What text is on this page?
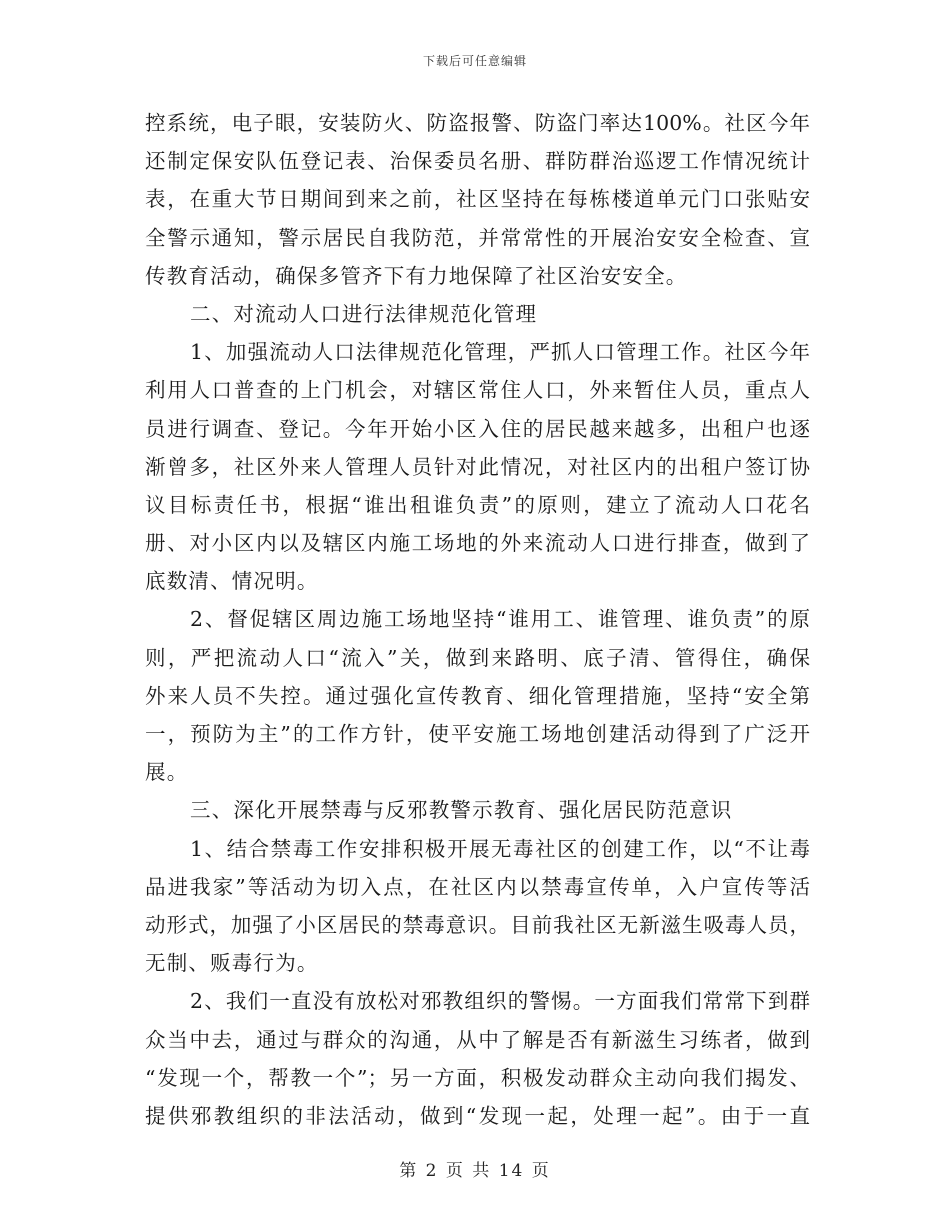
下载后可任意编辑
控系统，电子眼，安装防火、防盗报警、防盗门率达100%。社区今年
还制定保安队伍登记表、治保委员名册、群防群治巡逻工作情况统计
表，在重大节日期间到来之前，社区坚持在每栋楼道单元门口张贴安
全警示通知，警示居民自我防范，并常常性的开展治安安全检查、宣
传教育活动，确保多管齐下有力地保障了社区治安安全。
二、对流动人口进行法律规范化管理
1、加强流动人口法律规范化管理，严抓人口管理工作。社区今年
利用人口普查的上门机会，对辖区常住人口，外来暂住人员，重点人
员进行调查、登记。今年开始小区入住的居民越来越多，出租户也逐
渐曾多，社区外来人管理人员针对此情况，对社区内的出租户签订协
议目标责任书，根据“谁出租谁负责”的原则，建立了流动人口花名
册、对小区内以及辖区内施工场地的外来流动人口进行排查，做到了
底数清、情况明。
2、督促辖区周边施工场地坚持“谁用工、谁管理、谁负责”的原
则，严把流动人口“流入”关，做到来路明、底子清、管得住，确保
外来人员不失控。通过强化宣传教育、细化管理措施，坚持“安全第
一，预防为主”的工作方针，使平安施工场地创建活动得到了广泛开
展。
三、深化开展禁毒与反邪教警示教育、强化居民防范意识
1、结合禁毒工作安排积极开展无毒社区的创建工作，以“不让毒
品进我家”等活动为切入点，在社区内以禁毒宣传单，入户宣传等活
动形式，加强了小区居民的禁毒意识。目前我社区无新滋生吸毒人员，
无制、贩毒行为。
2、我们一直没有放松对邪教组织的警惕。一方面我们常常下到群
众当中去，通过与群众的沟通，从中了解是否有新滋生习练者，做到
“发现一个，帮教一个”；另一方面，积极发动群众主动向我们揭发、
提供邪教组织的非法活动，做到“发现一起，处理一起”。由于一直
第 2 页 共 14 页
